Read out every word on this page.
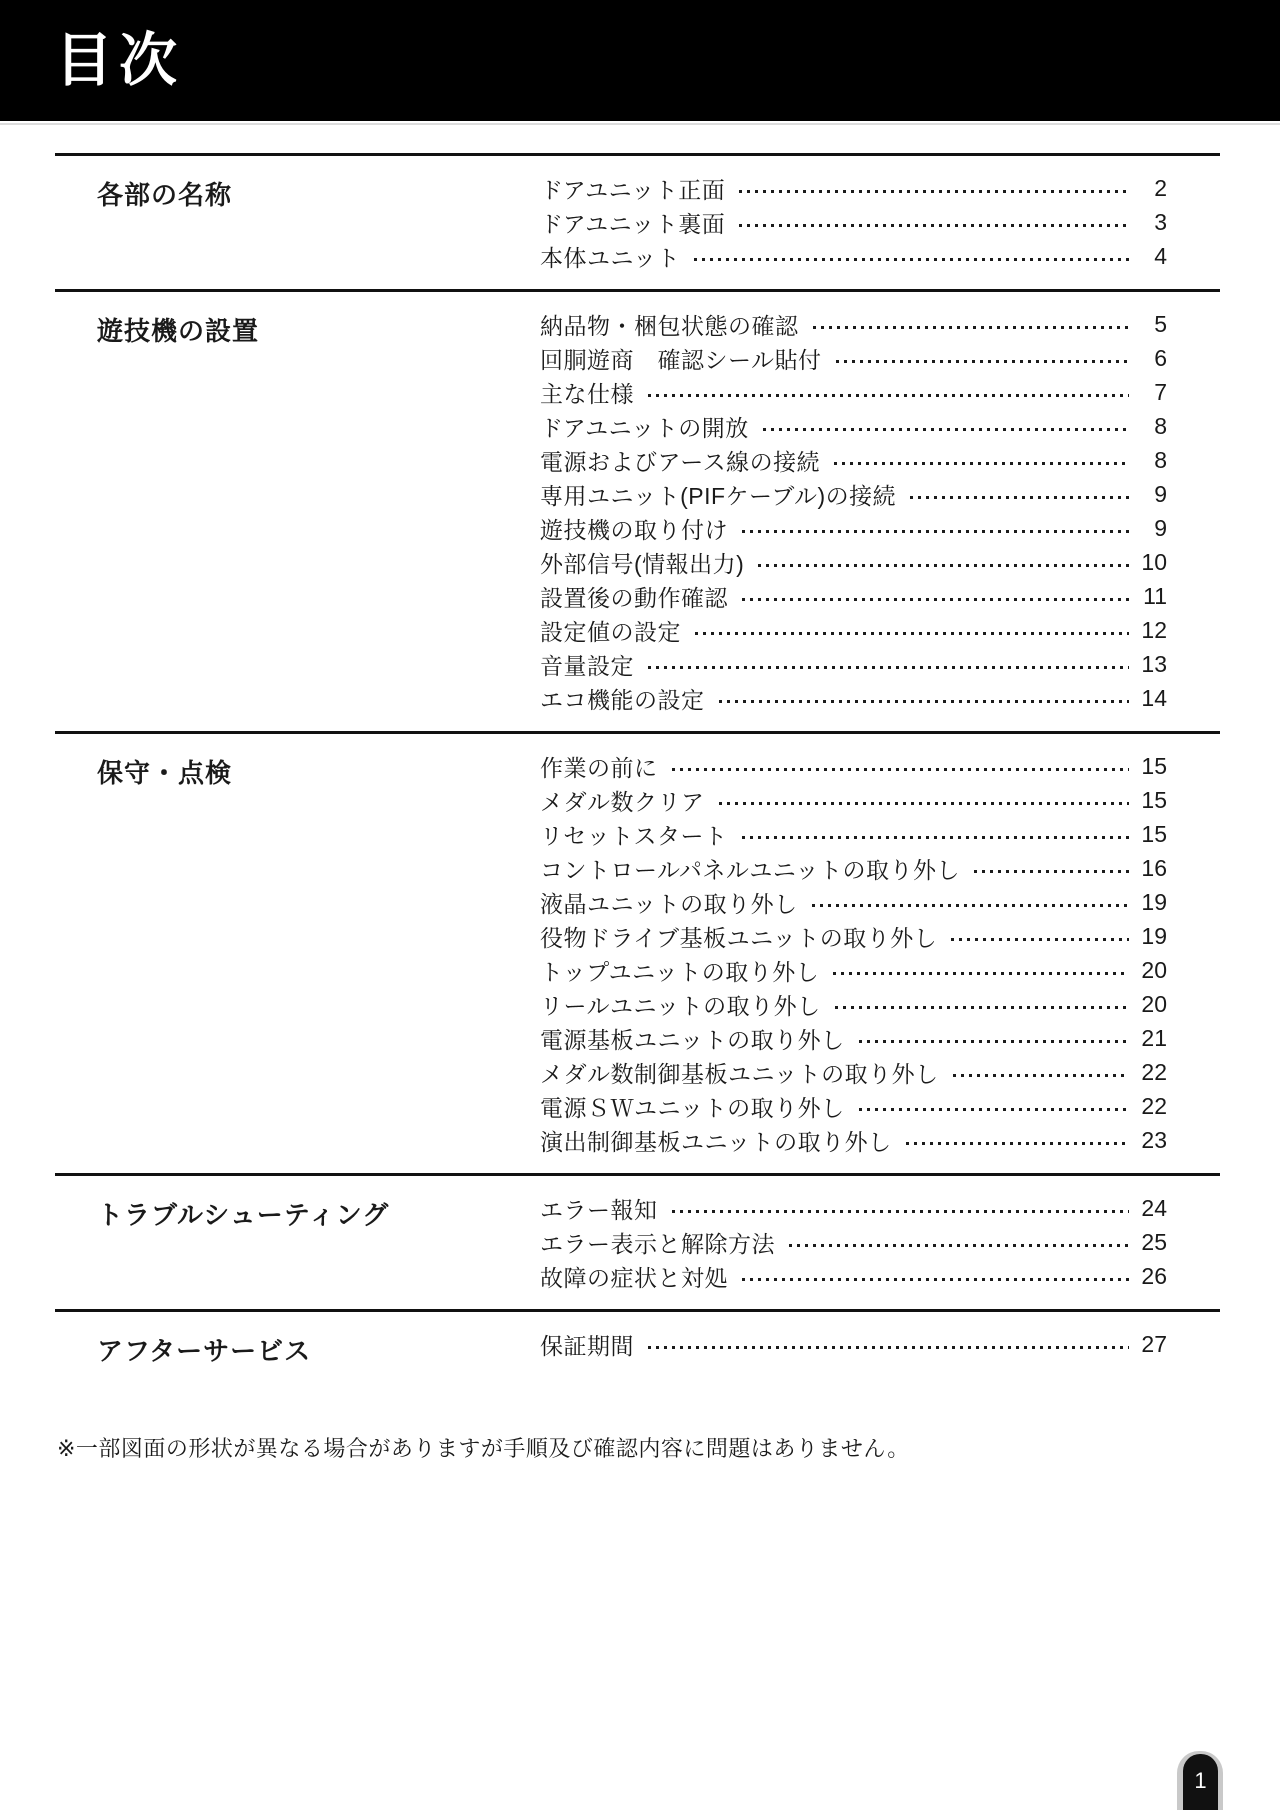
目次
各部の名称	ドアユニット正面	2
ドアユニット裏面	3
本体ユニット	4
遊技機の設置	納品物・梱包状態の確認	5
回胴遊商　確認シール貼付	6
主な仕様	7
ドアユニットの開放	8
電源およびアース線の接続	8
専用ユニット(PIFケーブル)の接続	9
遊技機の取り付け	9
外部信号(情報出力)	10
設置後の動作確認	11
設定値の設定	12
音量設定	13
エコ機能の設定	14
保守・点検	作業の前に	15
メダル数クリア	15
リセットスタート	15
コントロールパネルユニットの取り外し	16
液晶ユニットの取り外し	19
役物ドライブ基板ユニットの取り外し	19
トップユニットの取り外し	20
リールユニットの取り外し	20
電源基板ユニットの取り外し	21
メダル数制御基板ユニットの取り外し	22
電源ＳＷユニットの取り外し	22
演出制御基板ユニットの取り外し	23
トラブルシューティング	エラー報知	24
エラー表示と解除方法	25
故障の症状と対処	26
アフターサービス	保証期間	27

※一部図面の形状が異なる場合がありますが手順及び確認内容に問題はありません。

1
